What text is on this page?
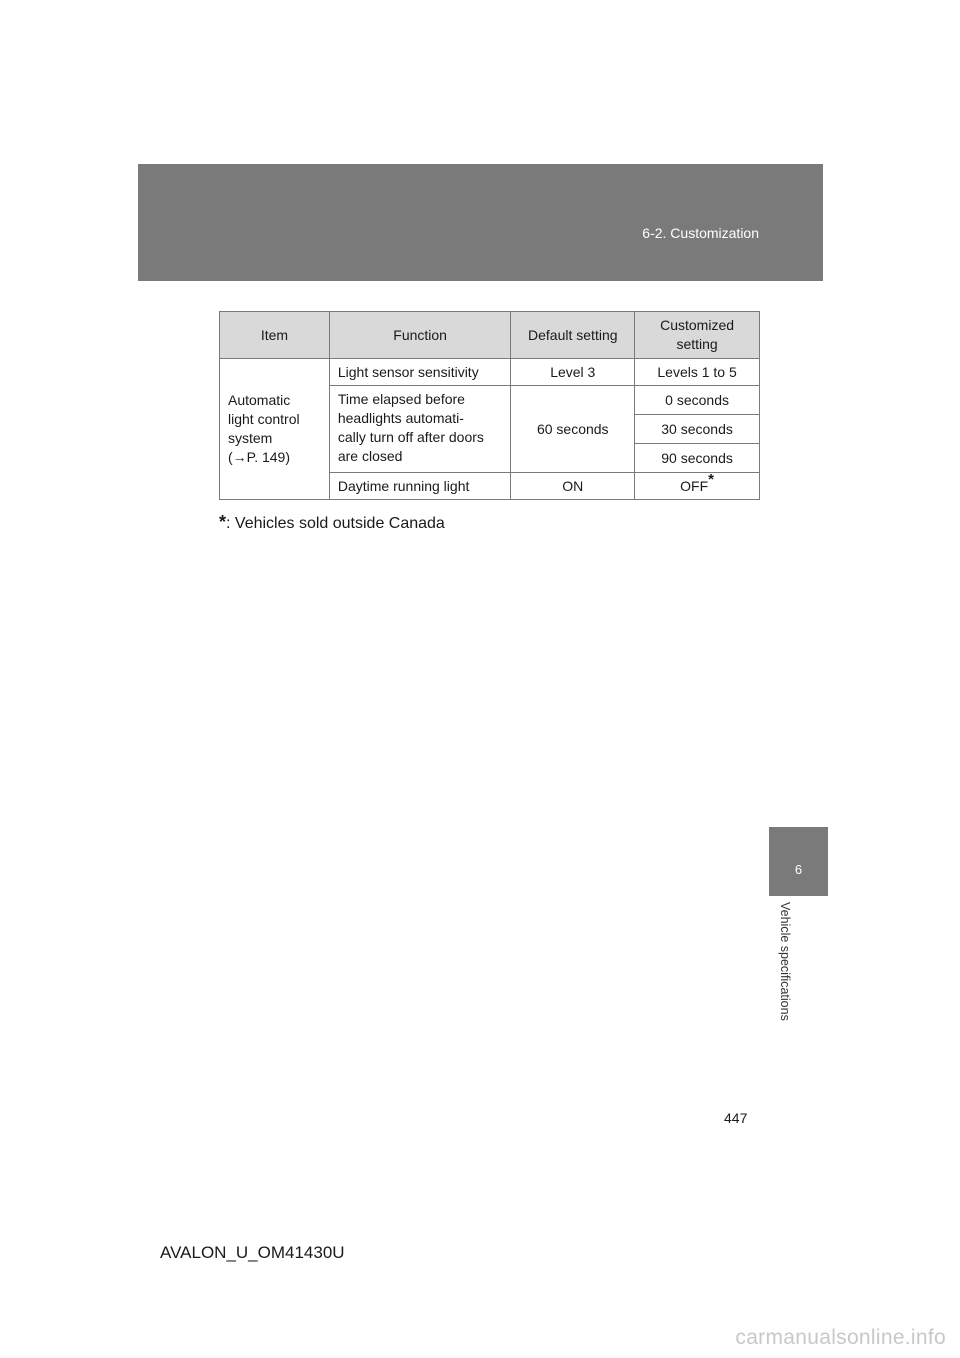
6-2. Customization
6
Vehicle specifications
Item	Function	Default setting	Customized setting

Automatic
light control
system
(→P. 149)	Light sensor sensitivity	Level 3	Levels 1 to 5

	Time elapsed before
headlights automati-
cally turn off after doors
are closed	60 seconds	0 seconds
			30 seconds
			90 seconds
	Daytime running light	ON	OFF*
*: Vehicles sold outside Canada
447
AVALON_U_OM41430U
carmanualsonline.info
